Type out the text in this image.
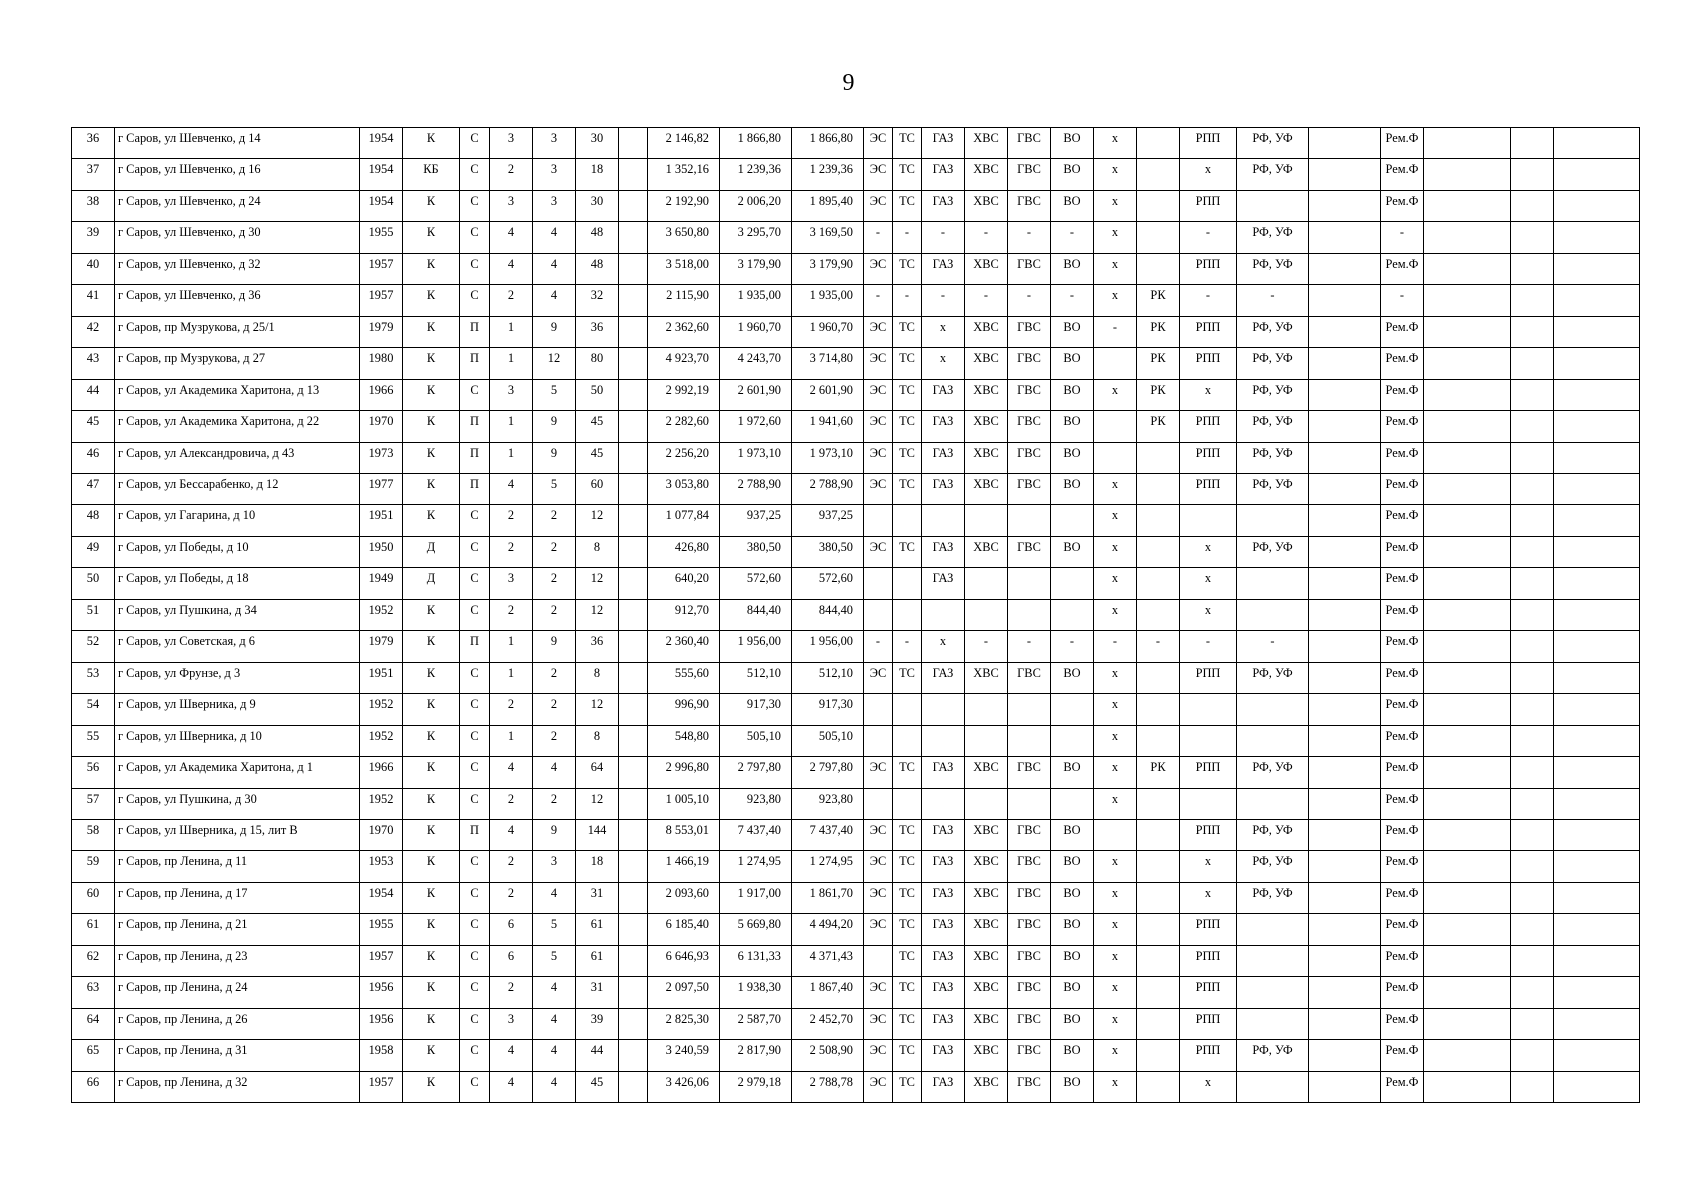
9
36	г Саров, ул Шевченко, д 14	1954	К	С	3	3	30		2 146,82	1 866,80	1 866,80	ЭС	ТС	ГАЗ	ХВС	ГВС	ВО	х		РПП	РФ, УФ		Рем.Ф			
37	г Саров, ул Шевченко, д 16	1954	КБ	С	2	3	18		1 352,16	1 239,36	1 239,36	ЭС	ТС	ГАЗ	ХВС	ГВС	ВО	х		х	РФ, УФ		Рем.Ф			
38	г Саров, ул Шевченко, д 24	1954	К	С	3	3	30		2 192,90	2 006,20	1 895,40	ЭС	ТС	ГАЗ	ХВС	ГВС	ВО	х		РПП			Рем.Ф			
39	г Саров, ул Шевченко, д 30	1955	К	С	4	4	48		3 650,80	3 295,70	3 169,50	-	-	-	-	-	-	х		-	РФ, УФ		-			
40	г Саров, ул Шевченко, д 32	1957	К	С	4	4	48		3 518,00	3 179,90	3 179,90	ЭС	ТС	ГАЗ	ХВС	ГВС	ВО	х		РПП	РФ, УФ		Рем.Ф			
41	г Саров, ул Шевченко, д 36	1957	К	С	2	4	32		2 115,90	1 935,00	1 935,00	-	-	-	-	-	-	х	РК	-	-		-			
42	г Саров, пр Музрукова, д 25/1	1979	К	П	1	9	36		2 362,60	1 960,70	1 960,70	ЭС	ТС	х	ХВС	ГВС	ВО	-	РК	РПП	РФ, УФ		Рем.Ф			
43	г Саров, пр Музрукова, д 27	1980	К	П	1	12	80		4 923,70	4 243,70	3 714,80	ЭС	ТС	х	ХВС	ГВС	ВО		РК	РПП	РФ, УФ		Рем.Ф			
44	г Саров, ул Академика Харитона, д 13	1966	К	С	3	5	50		2 992,19	2 601,90	2 601,90	ЭС	ТС	ГАЗ	ХВС	ГВС	ВО	х	РК	х	РФ, УФ		Рем.Ф			
45	г Саров, ул Академика Харитона, д 22	1970	К	П	1	9	45		2 282,60	1 972,60	1 941,60	ЭС	ТС	ГАЗ	ХВС	ГВС	ВО		РК	РПП	РФ, УФ		Рем.Ф			
46	г Саров, ул Александровича, д 43	1973	К	П	1	9	45		2 256,20	1 973,10	1 973,10	ЭС	ТС	ГАЗ	ХВС	ГВС	ВО			РПП	РФ, УФ		Рем.Ф			
47	г Саров, ул Бессарабенко, д 12	1977	К	П	4	5	60		3 053,80	2 788,90	2 788,90	ЭС	ТС	ГАЗ	ХВС	ГВС	ВО	х		РПП	РФ, УФ		Рем.Ф			
48	г Саров, ул Гагарина, д 10	1951	К	С	2	2	12		1 077,84	937,25	937,25							х					Рем.Ф			
49	г Саров, ул Победы, д 10	1950	Д	С	2	2	8		426,80	380,50	380,50	ЭС	ТС	ГАЗ	ХВС	ГВС	ВО	х		х	РФ, УФ		Рем.Ф			
50	г Саров, ул Победы, д 18	1949	Д	С	3	2	12		640,20	572,60	572,60			ГАЗ				х		х			Рем.Ф			
51	г Саров, ул Пушкина, д 34	1952	К	С	2	2	12		912,70	844,40	844,40							х		х			Рем.Ф			
52	г Саров, ул Советская, д 6	1979	К	П	1	9	36		2 360,40	1 956,00	1 956,00	-	-	х	-	-	-	-	-	-	-		Рем.Ф			
53	г Саров, ул Фрунзе, д 3	1951	К	С	1	2	8		555,60	512,10	512,10	ЭС	ТС	ГАЗ	ХВС	ГВС	ВО	х		РПП	РФ, УФ		Рем.Ф			
54	г Саров, ул Шверника, д 9	1952	К	С	2	2	12		996,90	917,30	917,30							х					Рем.Ф			
55	г Саров, ул Шверника, д 10	1952	К	С	1	2	8		548,80	505,10	505,10							х					Рем.Ф			
56	г Саров, ул Академика Харитона, д 1	1966	К	С	4	4	64		2 996,80	2 797,80	2 797,80	ЭС	ТС	ГАЗ	ХВС	ГВС	ВО	х	РК	РПП	РФ, УФ		Рем.Ф			
57	г Саров, ул Пушкина, д 30	1952	К	С	2	2	12		1 005,10	923,80	923,80							х					Рем.Ф			
58	г Саров, ул Шверника, д 15, лит В	1970	К	П	4	9	144		8 553,01	7 437,40	7 437,40	ЭС	ТС	ГАЗ	ХВС	ГВС	ВО			РПП	РФ, УФ		Рем.Ф			
59	г Саров, пр Ленина, д 11	1953	К	С	2	3	18		1 466,19	1 274,95	1 274,95	ЭС	ТС	ГАЗ	ХВС	ГВС	ВО	х		х	РФ, УФ		Рем.Ф			
60	г Саров, пр Ленина, д 17	1954	К	С	2	4	31		2 093,60	1 917,00	1 861,70	ЭС	ТС	ГАЗ	ХВС	ГВС	ВО	х		х	РФ, УФ		Рем.Ф			
61	г Саров, пр Ленина, д 21	1955	К	С	6	5	61		6 185,40	5 669,80	4 494,20	ЭС	ТС	ГАЗ	ХВС	ГВС	ВО	х		РПП			Рем.Ф			
62	г Саров, пр Ленина, д 23	1957	К	С	6	5	61		6 646,93	6 131,33	4 371,43		ТС	ГАЗ	ХВС	ГВС	ВО	х		РПП			Рем.Ф			
63	г Саров, пр Ленина, д 24	1956	К	С	2	4	31		2 097,50	1 938,30	1 867,40	ЭС	ТС	ГАЗ	ХВС	ГВС	ВО	х		РПП			Рем.Ф			
64	г Саров, пр Ленина, д 26	1956	К	С	3	4	39		2 825,30	2 587,70	2 452,70	ЭС	ТС	ГАЗ	ХВС	ГВС	ВО	х		РПП			Рем.Ф			
65	г Саров, пр Ленина, д 31	1958	К	С	4	4	44		3 240,59	2 817,90	2 508,90	ЭС	ТС	ГАЗ	ХВС	ГВС	ВО	х		РПП	РФ, УФ		Рем.Ф			
66	г Саров, пр Ленина, д 32	1957	К	С	4	4	45		3 426,06	2 979,18	2 788,78	ЭС	ТС	ГАЗ	ХВС	ГВС	ВО	х		х			Рем.Ф			
